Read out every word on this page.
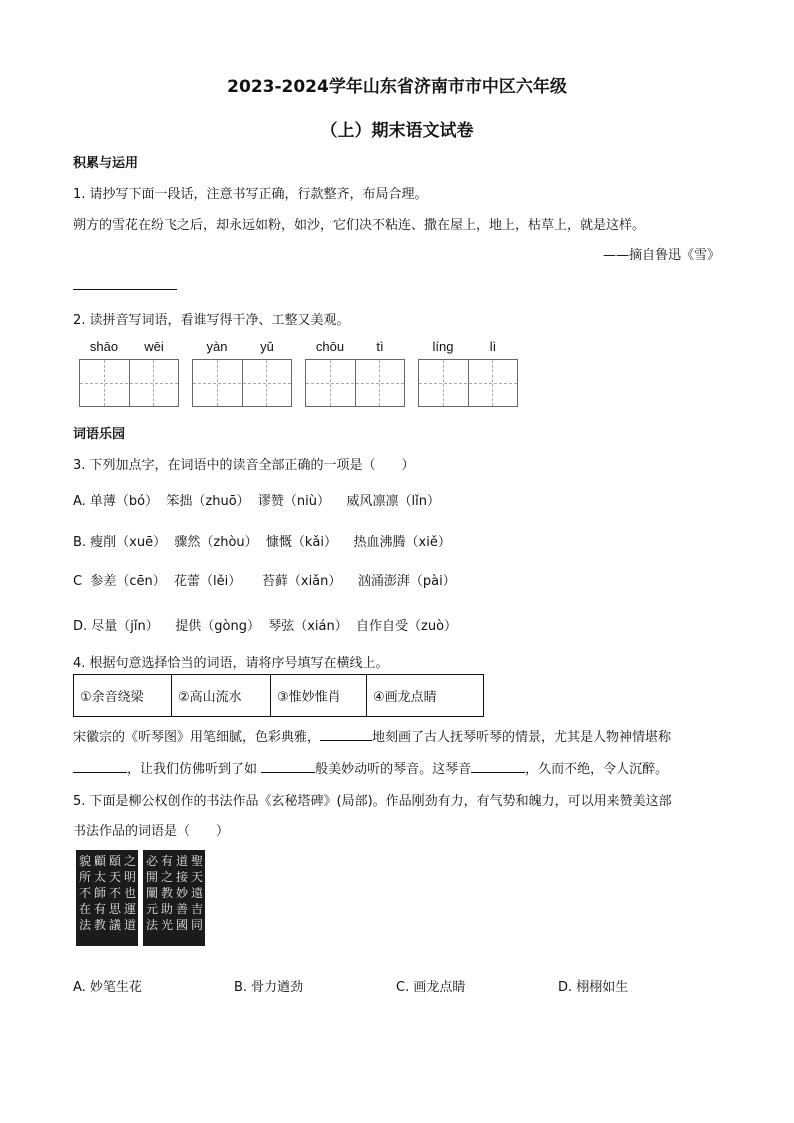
2023-2024学年山东省济南市市中区六年级
（上）期末语文试卷
积累与运用
1. 请抄写下面一段话，注意书写正确，行款整齐，布局合理。
朔方的雪花在纷飞之后，却永远如粉，如沙，它们决不粘连、撒在屋上，地上，枯草上，就是这样。
——摘自鲁迅《雪》
2. 读拼音写词语，看谁写得干净、工整又美观。
shāo	wēi	yàn	yǔ	chōu	tì	líng	lì
词语乐园
3. 下列加点字，在词语中的读音全部正确的一项是（　　）
A. 单薄（bó）  笨拙（zhuō）  谬赞（niù）    威风凛凛（lǐn）
B. 瘦削（xuē）  骤然（zhòu）  慷慨（kǎi）    热血沸腾（xiě）
C  参差（cēn）  花蕾（lěi）     苔藓（xiǎn）    汹涌澎湃（pài）
D. 尽量（jǐn）    提供（gòng）  琴弦（xián）  自作自受（zuò）
4. 根据句意选择恰当的词语，请将序号填写在横线上。
①余音绕梁	②高山流水	③惟妙惟肖	④画龙点睛
宋徽宗的《听琴图》用笔细腻，色彩典雅，	地刻画了古人抚琴听琴的情景，尤其是人物神情堪称
，让我们仿佛听到了如	般美妙动听的琴音。这琴音	，久而不绝，令人沉醉。
5. 下面是柳公权创作的书法作品《玄秘塔碑》(局部)。作品刚劲有力，有气势和魄力，可以用来赞美这部
书法作品的词语是（　　）
貌
所
不
在
法
顧
太
師
有
教
頤
天
不
思
議
之
明
也
運
道
必
開
闡
元
法
有
之
教
助
光
道
接
妙
善
國
聖
天
遠
吉
同
A. 妙笔生花	B. 骨力遒劲	C. 画龙点睛	D. 栩栩如生
